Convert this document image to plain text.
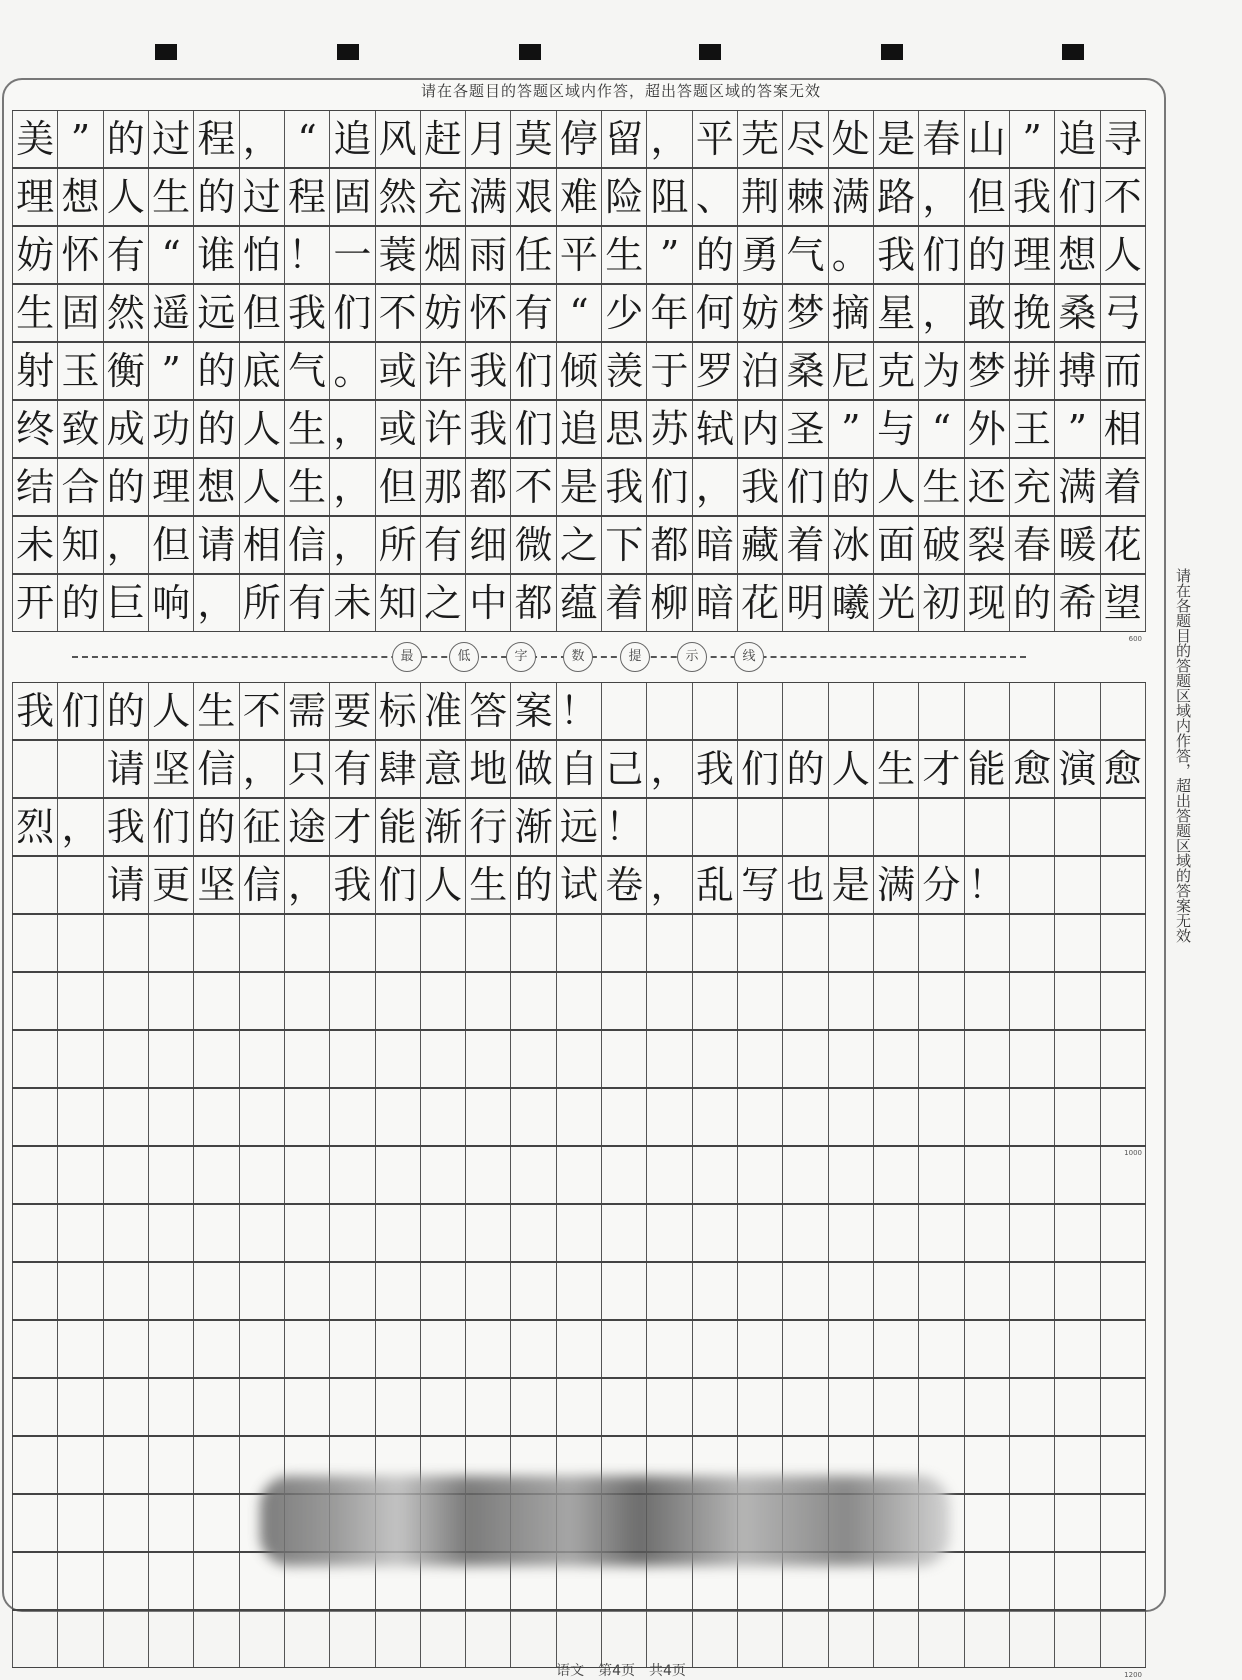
请在各题目的答题区域内作答，超出答题区域的答案无效
请在各题目的答题区域内作答，超出答题区域的答案无效
美 ” 的 过 程 ， “ 追 风 赶 月 莫 停 留 ， 平 芜 尽 处 是 春 山 ” 追 寻
理 想 人 生 的 过 程 固 然 充 满 艰 难 险 阻 、 荆 棘 满 路 ， 但 我 们 不
妨 怀 有 “ 谁 怕 ！ 一 蓑 烟 雨 任 平 生 ” 的 勇 气 。 我 们 的 理 想 人
生 固 然 遥 远 但 我 们 不 妨 怀 有 “ 少 年 何 妨 梦 摘 星 ， 敢 挽 桑 弓
射 玉 衡 ” 的 底 气 。 或 许 我 们 倾 羡 于 罗 泊 桑 尼 克 为 梦 拼 搏 而
终 致 成 功 的 人 生 ， 或 许 我 们 追 思 苏 轼 内 圣 ” 与 “ 外 王 ” 相
结 合 的 理 想 人 生 ， 但 那 都 不 是 我 们 ， 我 们 的 人 生 还 充 满 着
未 知 ， 但 请 相 信 ， 所 有 细 微 之 下 都 暗 藏 着 冰 面 破 裂 春 暖 花
开 的 巨 响 ， 所 有 未 知 之 中 都 蕴 着 柳 暗 花 明 曦 光 初 现 的 希 望
600
最	低	字	数	提	示	线
我 们 的 人 生 不 需 要 标 准 答 案 ！
请 坚 信 ， 只 有 肆 意 地 做 自 己 ， 我 们 的 人 生 才 能 愈 演 愈
烈 ， 我 们 的 征 途 才 能 渐 行 渐 远 ！
请 更 坚 信 ， 我 们 人 生 的 试 卷 ， 乱 写 也 是 满 分 ！
1000
1200
语文　第4页　共4页
